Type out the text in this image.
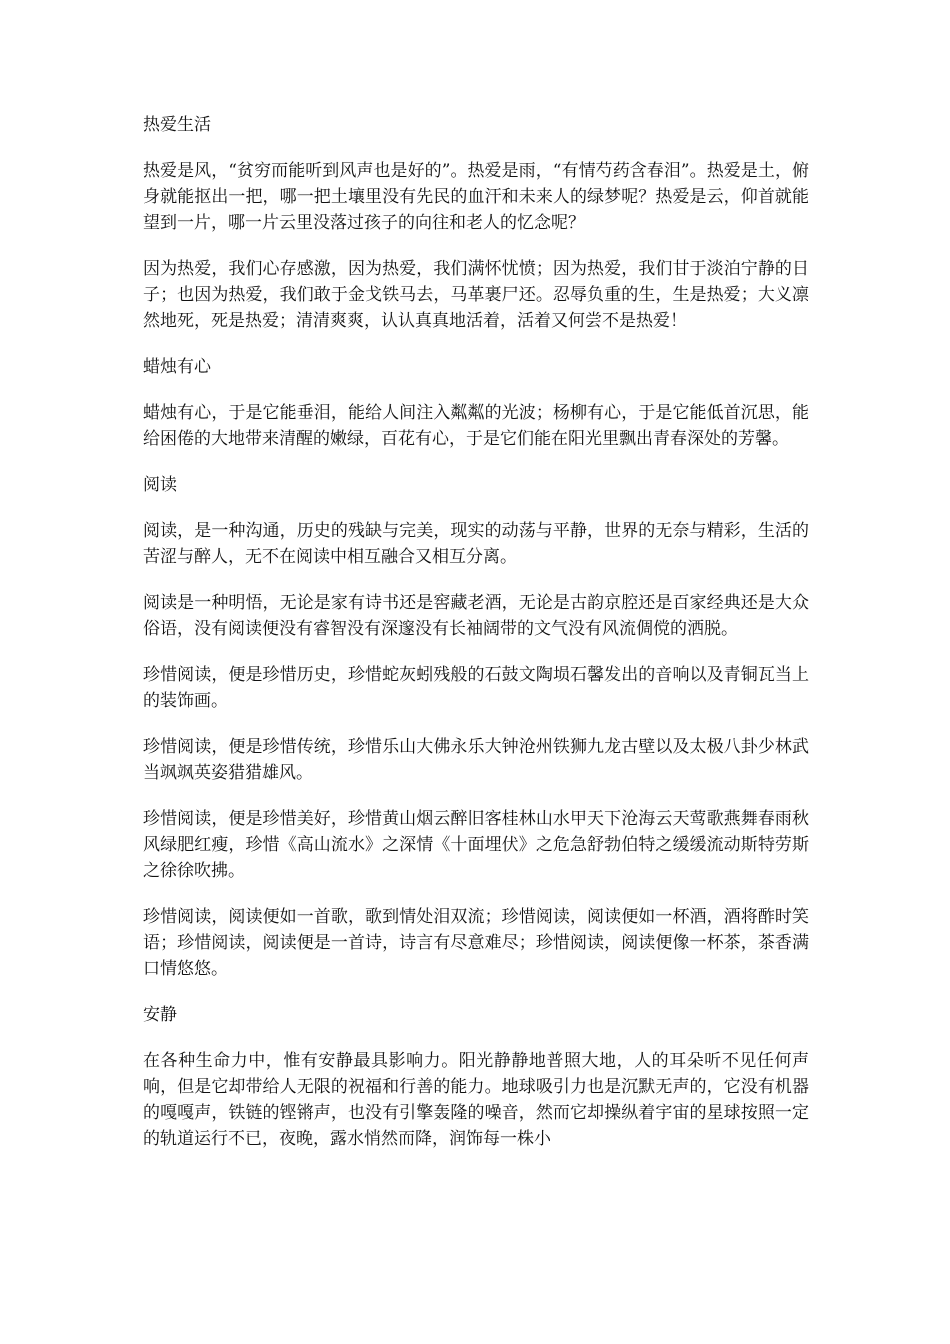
热爱生活

热爱是风，“贫穷而能听到风声也是好的”。热爱是雨，“有情芍药含春泪”。热爱是土，俯身就能抠出一把，哪一把土壤里没有先民的血汗和未来人的绿梦呢？热爱是云，仰首就能望到一片，哪一片云里没落过孩子的向往和老人的忆念呢？

因为热爱，我们心存感激，因为热爱，我们满怀忧愤；因为热爱，我们甘于淡泊宁静的日子；也因为热爱，我们敢于金戈铁马去，马革裹尸还。忍辱负重的生，生是热爱；大义凛然地死，死是热爱；清清爽爽，认认真真地活着，活着又何尝不是热爱！

蜡烛有心

蜡烛有心，于是它能垂泪，能给人间注入粼粼的光波；杨柳有心，于是它能低首沉思，能给困倦的大地带来清醒的嫩绿，百花有心，于是它们能在阳光里飘出青春深处的芳馨。

阅读

阅读，是一种沟通，历史的残缺与完美，现实的动荡与平静，世界的无奈与精彩，生活的苦涩与醉人，无不在阅读中相互融合又相互分离。

阅读是一种明悟，无论是家有诗书还是窖藏老酒，无论是古韵京腔还是百家经典还是大众俗语，没有阅读便没有睿智没有深邃没有长袖阔带的文气没有风流倜傥的洒脱。

珍惜阅读，便是珍惜历史，珍惜蛇灰蚓残般的石鼓文陶埙石馨发出的音响以及青铜瓦当上的装饰画。

珍惜阅读，便是珍惜传统，珍惜乐山大佛永乐大钟沧州铁狮九龙古壁以及太极八卦少林武当飒飒英姿猎猎雄风。

珍惜阅读，便是珍惜美好，珍惜黄山烟云醉旧客桂林山水甲天下沧海云天莺歌燕舞春雨秋风绿肥红瘦，珍惜《高山流水》之深情《十面埋伏》之危急舒勃伯特之缓缓流动斯特劳斯之徐徐吹拂。

珍惜阅读，阅读便如一首歌，歌到情处泪双流；珍惜阅读，阅读便如一杯酒，酒将酢时笑语；珍惜阅读，阅读便是一首诗，诗言有尽意难尽；珍惜阅读，阅读便像一杯茶，茶香满口情悠悠。

安静

在各种生命力中，惟有安静最具影响力。阳光静静地普照大地，人的耳朵听不见任何声响，但是它却带给人无限的祝福和行善的能力。地球吸引力也是沉默无声的，它没有机器的嘎嘎声，铁链的铿锵声，也没有引擎轰隆的噪音，然而它却操纵着宇宙的星球按照一定的轨道运行不已，夜晚，露水悄然而降，润饰每一株小
